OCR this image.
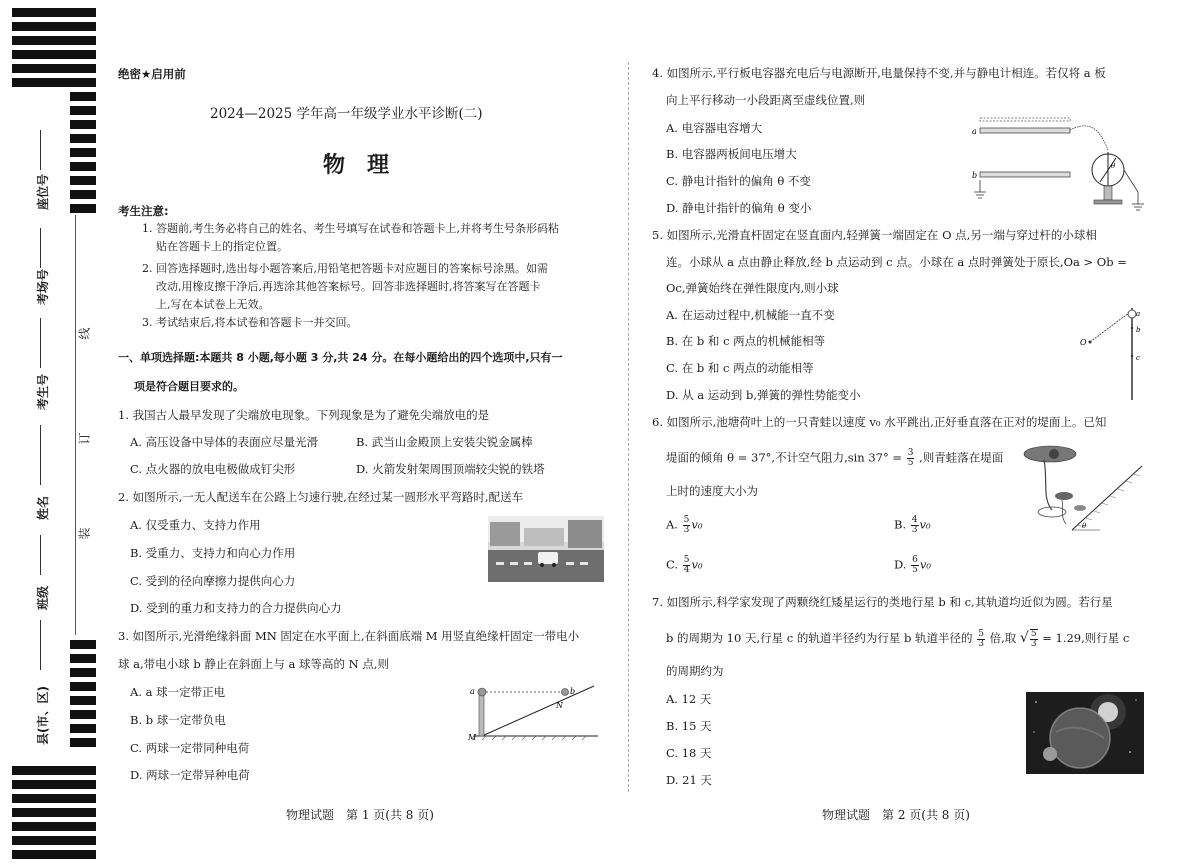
座位号
考场号
考生号
姓名
班级
县(市、区)
线
订
装
绝密★启用前
2024—2025 学年高一年级学业水平诊断(二)
物　理
考生注意:
1. 答题前,考生务必将自己的姓名、考生号填写在试卷和答题卡上,并将考生号条形码粘
贴在答题卡上的指定位置。
2. 回答选择题时,选出每小题答案后,用铅笔把答题卡对应题目的答案标号涂黑。如需
改动,用橡皮擦干净后,再选涂其他答案标号。回答非选择题时,将答案写在答题卡
上,写在本试卷上无效。
3. 考试结束后,将本试卷和答题卡一并交回。
一、单项选择题:本题共 8 小题,每小题 3 分,共 24 分。在每小题给出的四个选项中,只有一
项是符合题目要求的。
1. 我国古人最早发现了尖端放电现象。下列现象是为了避免尖端放电的是
A. 高压设备中导体的表面应尽量光滑	B. 武当山金殿顶上安装尖锐金属棒
C. 点火器的放电电极做成钉尖形	D. 火箭发射架周围顶端较尖锐的铁塔
2. 如图所示,一无人配送车在公路上匀速行驶,在经过某一圆形水平弯路时,配送车
A. 仅受重力、支持力作用
B. 受重力、支持力和向心力作用
C. 受到的径向摩擦力提供向心力
D. 受到的重力和支持力的合力提供向心力
3. 如图所示,光滑绝缘斜面 MN 固定在水平面上,在斜面底端 M 用竖直绝缘杆固定一带电小
球 a,带电小球 b 静止在斜面上与 a 球等高的 N 点,则
A. a 球一定带正电
B. b 球一定带负电
C. 两球一定带同种电荷
D. 两球一定带异种电荷
a	b
M
N
物理试题　第 1 页(共 8 页)
4. 如图所示,平行板电容器充电后与电源断开,电量保持不变,并与静电计相连。若仅将 a 板
向上平行移动一小段距离至虚线位置,则
A. 电容器电容增大
B. 电容器两板间电压增大
C. 静电计指针的偏角 θ 不变
D. 静电计指针的偏角 θ 变小
a
b
θ
5. 如图所示,光滑直杆固定在竖直面内,轻弹簧一端固定在 O 点,另一端与穿过杆的小球相
连。小球从 a 点由静止释放,经 b 点运动到 c 点。小球在 a 点时弹簧处于原长,Oa > Ob =
Oc,弹簧始终在弹性限度内,则小球
A. 在运动过程中,机械能一直不变
B. 在 b 和 c 两点的机械能相等
C. 在 b 和 c 两点的动能相等
D. 从 a 运动到 b,弹簧的弹性势能变小
O
a
b
c
6. 如图所示,池塘荷叶上的一只青蛙以速度 v₀ 水平跳出,正好垂直落在正对的堤面上。已知
堤面的倾角 θ = 37°,不计空气阻力,sin $37^\circ = \frac{3}{5}$ ,则青蛙落在堤面
上时的速度大小为
A. $\frac{5}{3} v_0$	B. $\frac{4}{3} v_0$
C. $\frac{5}{4} v_0$	D. $\frac{6}{5} v_0$
θ
7. 如图所示,科学家发现了两颗绕红矮星运行的类地行星 b 和 c,其轨道均近似为圆。若行星
b 的周期为 10 天,行星 c 的轨道半径约为行星 b 轨道半径的 $\frac{5}{3}$ 倍,取 √ $\frac{5}{3} = 1.29$,则行星 c
的周期约为
A. 12 天
B. 15 天
C. 18 天
D. 21 天
物理试题　第 2 页(共 8 页)
